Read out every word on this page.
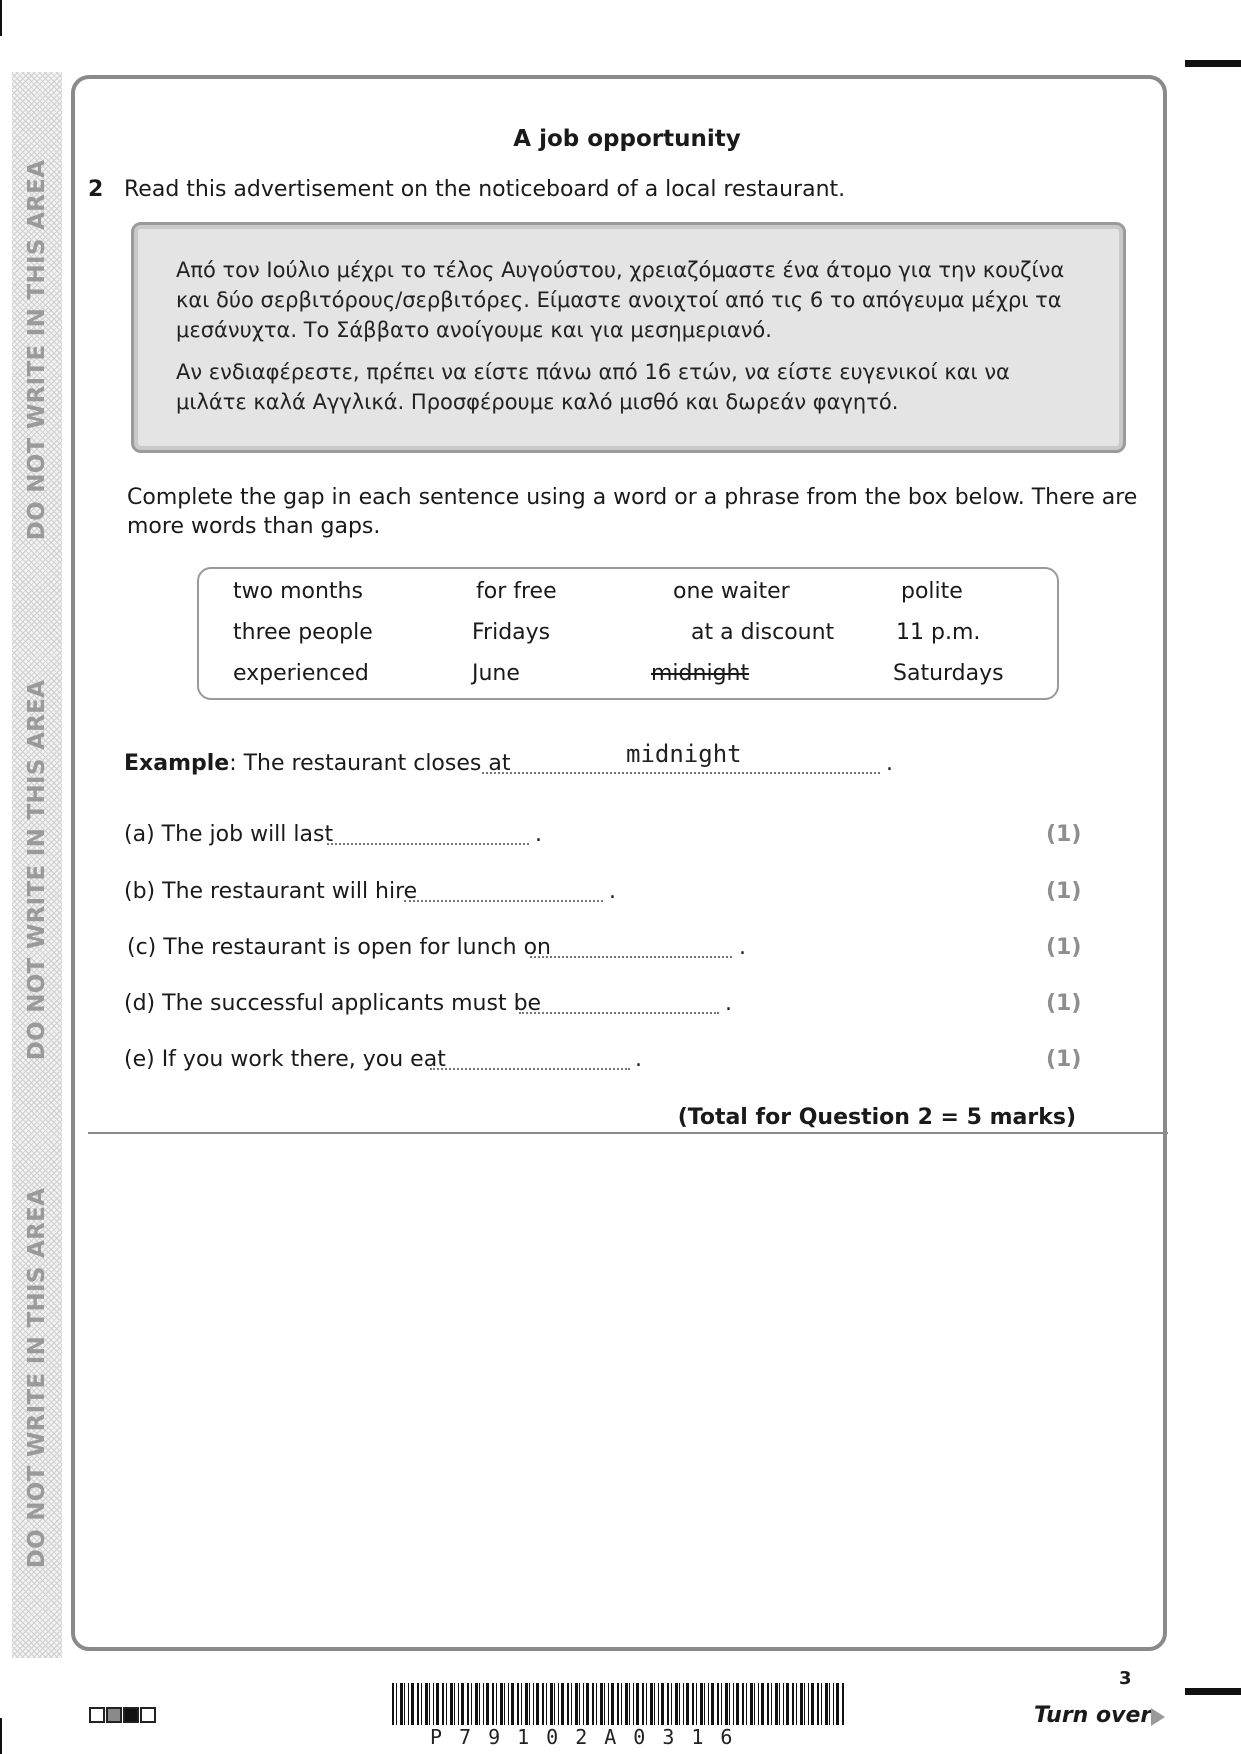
DO NOT WRITE IN THIS AREA
DO NOT WRITE IN THIS AREA
DO NOT WRITE IN THIS AREA
A job opportunity
2 Read this advertisement on the noticeboard of a local restaurant.

Από τον Ιούλιο μέχρι το τέλος Αυγούστου, χρειαζόμαστε ένα άτομο για την κουζίνα και δύο σερβιτόρους/σερβιτόρες. Είμαστε ανοιχτοί από τις 6 το απόγευμα μέχρι τα μεσάνυχτα. Το Σάββατο ανοίγουμε και για μεσημεριανό.

Αν ενδιαφέρεστε, πρέπει να είστε πάνω από 16 ετών, να είστε ευγενικοί και να μιλάτε καλά Αγγλικά. Προσφέρουμε καλό μισθό και δωρεάν φαγητό.

Complete the gap in each sentence using a word or a phrase from the box below. There are more words than gaps.
two months	for free	one waiter	polite
three people	Fridays	at a discount	11 p.m.
experienced	June	midnight	Saturdays
Example: The restaurant closes at	midnight	.
(a) The job will last	.	(1)
(b) The restaurant will hire	.	(1)
(c) The restaurant is open for lunch on	.	(1)
(d) The successful applicants must be	.	(1)
(e) If you work there, you eat	.	(1)
(Total for Question 2 = 5 marks)
P79102A0316
3
Turn over
